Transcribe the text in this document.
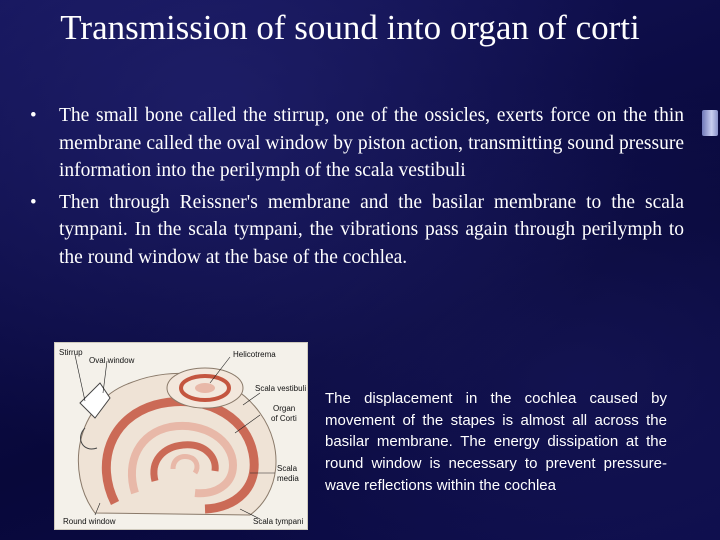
Transmission of sound into organ of corti
• The small bone called the stirrup, one of the ossicles, exerts force on the thin membrane called the oval window by piston action, transmitting sound pressure information into the perilymph of the scala vestibuli
• Then through Reissner's membrane and the basilar membrane to the scala tympani. In the scala tympani, the vibrations pass again through perilymph to the round window at the base of the cochlea.
Stirrup
Oval window
Helicotrema
Scala vestibuli
Organ
of Corti
Scala
media
Round window	Scala tympani
The displacement in the cochlea caused by movement of the stapes is almost all across the basilar membrane. The energy dissipation at the round window is necessary to prevent pressure-wave reflections within the cochlea
